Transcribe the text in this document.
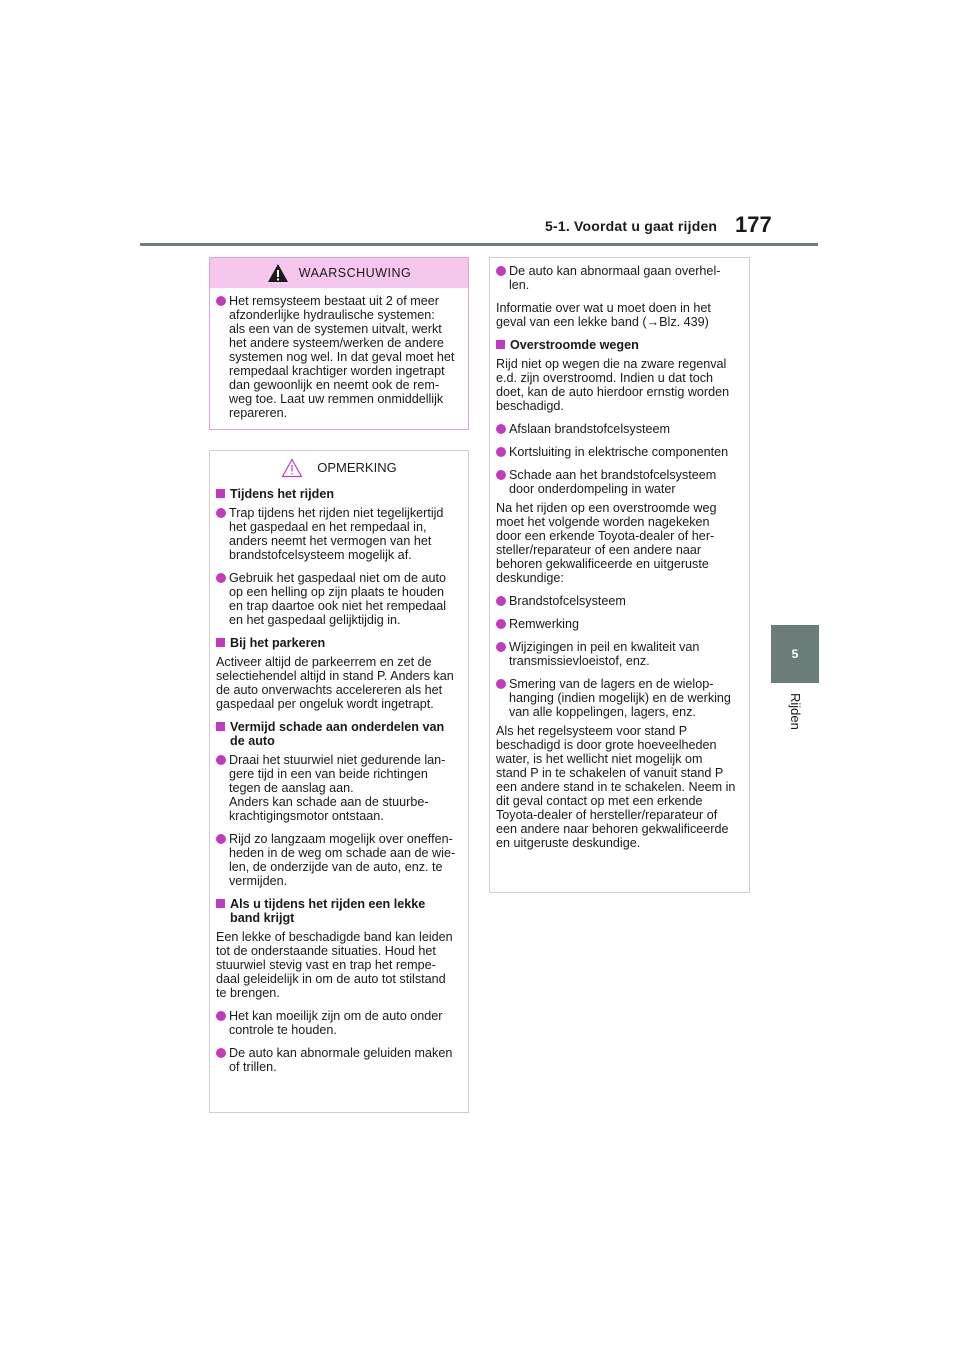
5-1. Voordat u gaat rijden 177
5
Rijden
WAARSCHUWING
Het remsysteem bestaat uit 2 of meer
afzonderlijke hydraulische systemen:
als een van de systemen uitvalt, werkt
het andere systeem/werken de andere
systemen nog wel. In dat geval moet het
rempedaal krachtiger worden ingetrapt
dan gewoonlijk en neemt ook de rem-
weg toe. Laat uw remmen onmiddellijk
repareren.
OPMERKING
Tijdens het rijden
Trap tijdens het rijden niet tegelijkertijd
het gaspedaal en het rempedaal in,
anders neemt het vermogen van het
brandstofcelsysteem mogelijk af.
Gebruik het gaspedaal niet om de auto
op een helling op zijn plaats te houden
en trap daartoe ook niet het rempedaal
en het gaspedaal gelijktijdig in.
Bij het parkeren
Activeer altijd de parkeerrem en zet de
selectiehendel altijd in stand P. Anders kan
de auto onverwachts accelereren als het
gaspedaal per ongeluk wordt ingetrapt.
Vermijd schade aan onderdelen van
de auto
Draai het stuurwiel niet gedurende lan-
gere tijd in een van beide richtingen
tegen de aanslag aan.
Anders kan schade aan de stuurbe-
krachtigingsmotor ontstaan.
Rijd zo langzaam mogelijk over oneffen-
heden in de weg om schade aan de wie-
len, de onderzijde van de auto, enz. te
vermijden.
Als u tijdens het rijden een lekke
band krijgt
Een lekke of beschadigde band kan leiden
tot de onderstaande situaties. Houd het
stuurwiel stevig vast en trap het rempe-
daal geleidelijk in om de auto tot stilstand
te brengen.
Het kan moeilijk zijn om de auto onder
controle te houden.
De auto kan abnormale geluiden maken
of trillen.
De auto kan abnormaal gaan overhel-
len.
Informatie over wat u moet doen in het
geval van een lekke band (→Blz. 439)
Overstroomde wegen
Rijd niet op wegen die na zware regenval
e.d. zijn overstroomd. Indien u dat toch
doet, kan de auto hierdoor ernstig worden
beschadigd.
Afslaan brandstofcelsysteem
Kortsluiting in elektrische componenten
Schade aan het brandstofcelsysteem
door onderdompeling in water
Na het rijden op een overstroomde weg
moet het volgende worden nagekeken
door een erkende Toyota-dealer of her-
steller/reparateur of een andere naar
behoren gekwalificeerde en uitgeruste
deskundige:
Brandstofcelsysteem
Remwerking
Wijzigingen in peil en kwaliteit van
transmissievloeistof, enz.
Smering van de lagers en de wielop-
hanging (indien mogelijk) en de werking
van alle koppelingen, lagers, enz.
Als het regelsysteem voor stand P
beschadigd is door grote hoeveelheden
water, is het wellicht niet mogelijk om
stand P in te schakelen of vanuit stand P
een andere stand in te schakelen. Neem in
dit geval contact op met een erkende
Toyota-dealer of hersteller/reparateur of
een andere naar behoren gekwalificeerde
en uitgeruste deskundige.
